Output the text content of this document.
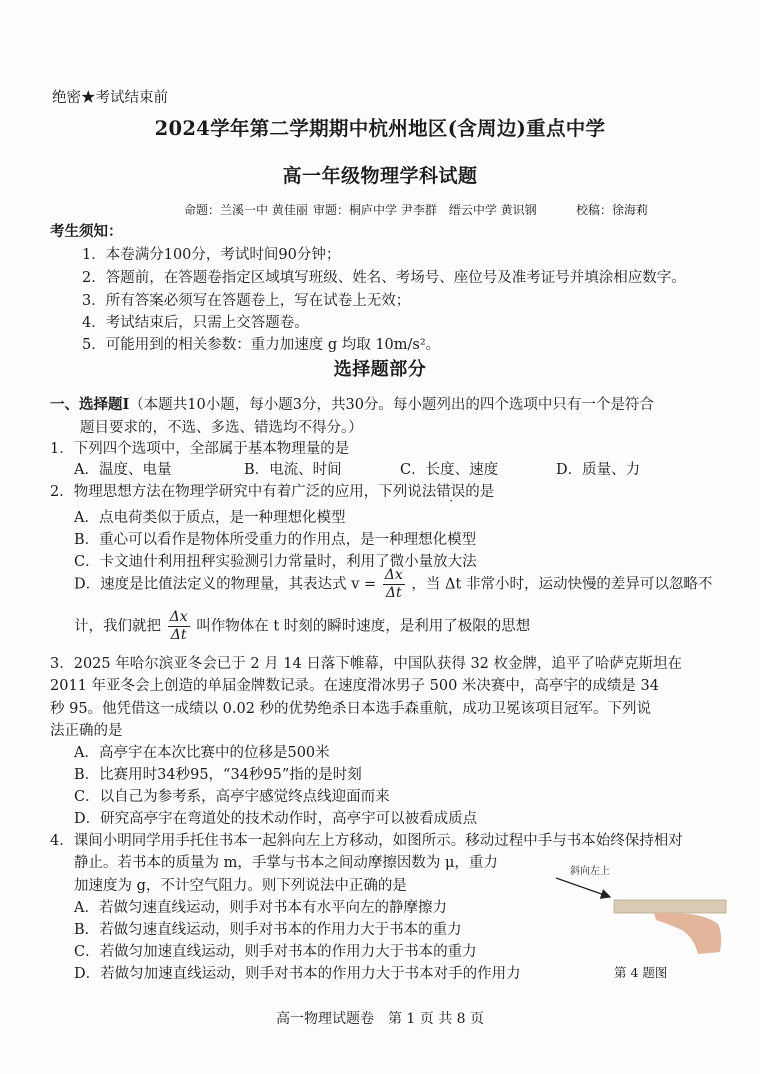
绝密★考试结束前
2024学年第二学期期中杭州地区(含周边)重点中学
高一年级物理学科试题
命题：兰溪一中 黄佳丽 审题：桐庐中学 尹李群　缙云中学 黄识钢	校稿：徐海莉
考生须知：
1．本卷满分100分，考试时间90分钟；
2．答题前，在答题卷指定区域填写班级、姓名、考场号、座位号及准考证号并填涂相应数字。
3．所有答案必须写在答题卷上，写在试卷上无效；
4．考试结束后，只需上交答题卷。
5．可能用到的相关参数：重力加速度 g 均取 10m/s²。
选择题部分
一、选择题Ⅰ（本题共10小题，每小题3分，共30分。每小题列出的四个选项中只有一个是符合
题目要求的，不选、多选、错选均不得分。）
1．下列四个选项中，全部属于基本物理量的是
A．温度、电量	B．电流、时间	C．长度、速度	D．质量、力
2．物理思想方法在物理学研究中有着广泛的应用，下列说法错误的是
A．点电荷类似于质点，是一种理想化模型
B．重心可以看作是物体所受重力的作用点，是一种理想化模型
C．卡文迪什利用扭秤实验测引力常量时，利用了微小量放大法
D．速度是比值法定义的物理量，其表达式 $v = \frac{\Delta x}{\Delta t}$ ，当 Δt 非常小时，运动快慢的差异可以忽略不
计，我们就把 $\frac{\Delta x}{\Delta t}$ 叫作物体在 t 时刻的瞬时速度，是利用了极限的思想
3．2025 年哈尔滨亚冬会已于 2 月 14 日落下帷幕，中国队获得 32 枚金牌，追平了哈萨克斯坦在
2011 年亚冬会上创造的单届金牌数记录。在速度滑冰男子 500 米决赛中，高亭宇的成绩是 34
秒 95。他凭借这一成绩以 0.02 秒的优势绝杀日本选手森重航，成功卫冕该项目冠军。下列说
法正确的是
A．高亭宇在本次比赛中的位移是500米
B．比赛用时34秒95，“34秒95”指的是时刻
C．以自己为参考系，高亭宇感觉终点线迎面而来
D．研究高亭宇在弯道处的技术动作时，高亭宇可以被看成质点
4．课间小明同学用手托住书本一起斜向左上方移动，如图所示。移动过程中手与书本始终保持相对
静止。若书本的质量为 m，手掌与书本之间动摩擦因数为 μ，重力
加速度为 g，不计空气阻力。则下列说法中正确的是
A．若做匀速直线运动，则手对书本有水平向左的静摩擦力
B．若做匀速直线运动，则手对书本的作用力大于书本的重力
C．若做匀加速直线运动，则手对书本的作用力大于书本的重力
D．若做匀加速直线运动，则手对书本的作用力大于书本对手的作用力
斜向左上
第 4 题图
高一物理试题卷　第 1 页 共 8 页
